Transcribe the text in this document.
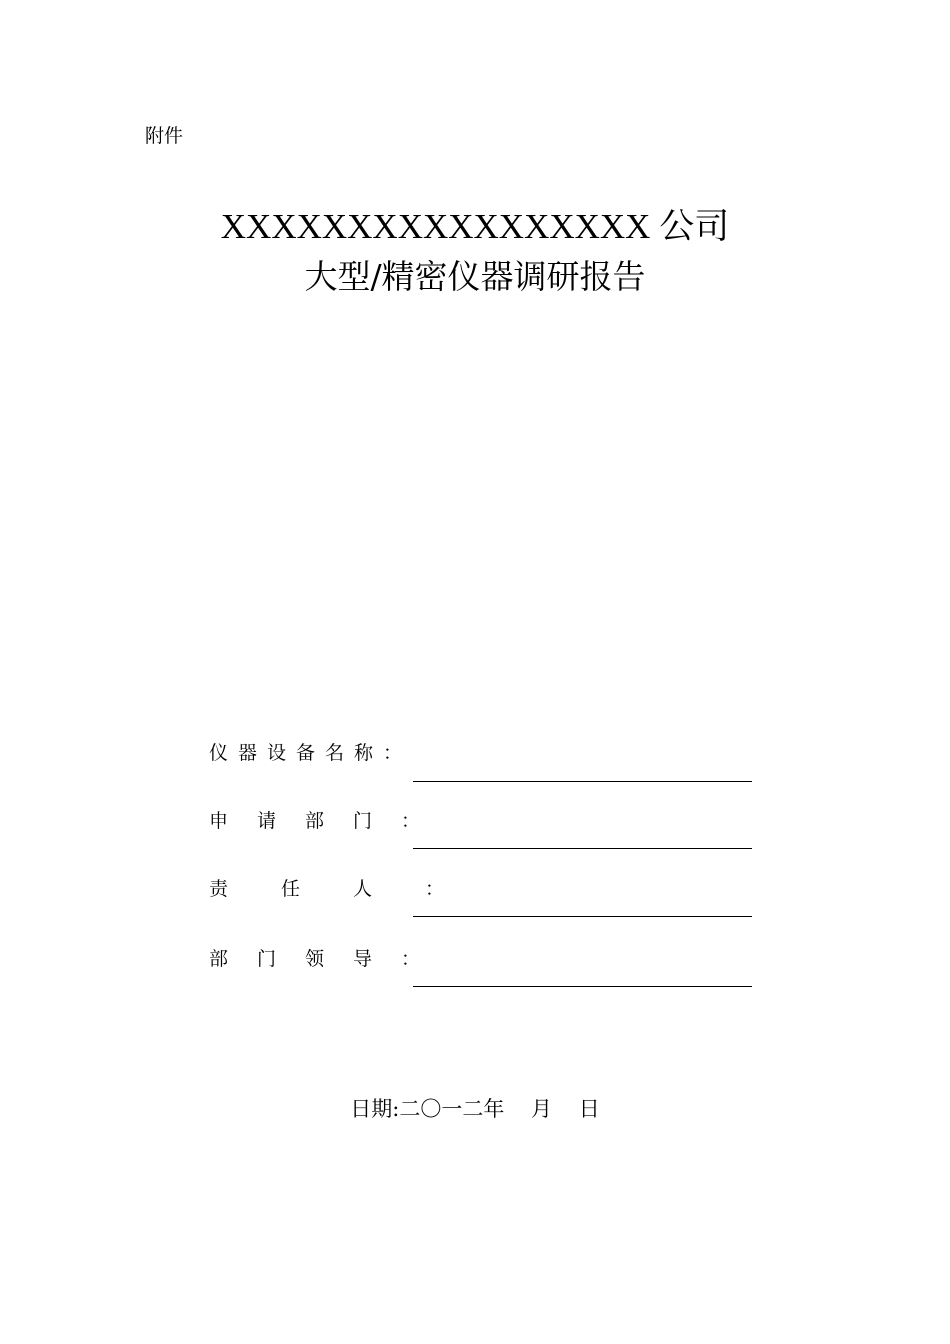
附件
XXXXXXXXXXXXXXXXX 公司
大型/精密仪器调研报告
仪 器 设 备 名 称 ：
申 请 部 门 ：
责 任 人 ：
部 门 领 导 ：
日期:二〇一二年    月    日
